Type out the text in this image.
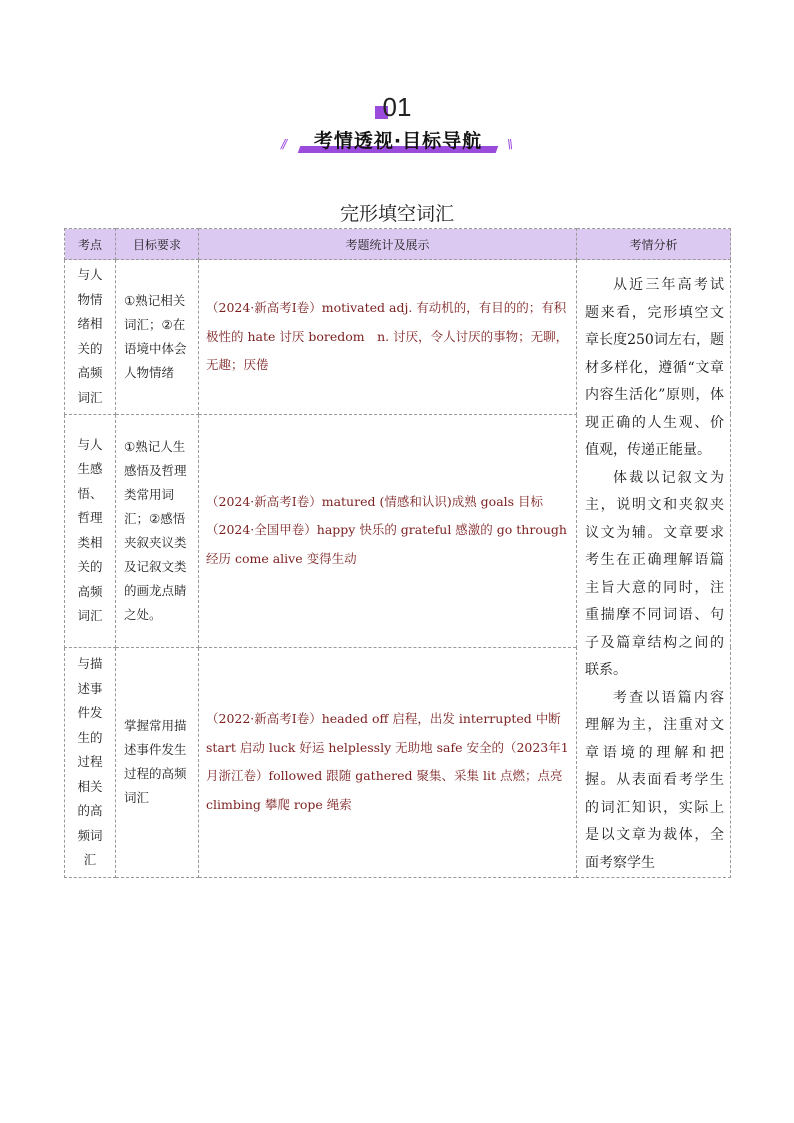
01
//	考情透视·目标导航	\\
完形填空词汇
考点	目标要求	考题统计及展示	考情分析
与人物情绪相关的高频词汇	①熟记相关词汇；②在语境中体会人物情绪	（2024·新高考Ⅰ卷）motivated adj. 有动机的，有目的的；有积极性的 hate 讨厌 boredom　n. 讨厌，令人讨厌的事物；无聊，无趣；厌倦	从近三年高考试题来看，完形填空文章长度250词左右，题材多样化，遵循“文章内容生活化”原则，体现正确的人生观、价值观，传递正能量。

体裁以记叙文为主，说明文和夹叙夹议文为辅。文章要求考生在正确理解语篇主旨大意的同时，注重揣摩不同词语、句子及篇章结构之间的联系。

考查以语篇内容理解为主，注重对文章语境的理解和把握。从表面看考学生的词汇知识，实际上是以文章为裁体，全面考察学生

与人生感悟、哲理类相关的高频词汇	①熟记人生感悟及哲理类常用词汇；②感悟夹叙夹议类及记叙文类的画龙点睛之处。	（2024·新高考Ⅰ卷）matured (情感和认识)成熟 goals 目标（2024·全国甲卷）happy 快乐的 grateful 感激的 go through 经历 come alive 变得生动	
与描述事件发生的过程相关的高频词汇	掌握常用描述事件发生过程的高频词汇	（2022·新高考Ⅰ卷）headed off 启程，出发 interrupted 中断 start 启动 luck 好运 helplessly 无助地 safe 安全的（2023年1月浙江卷）followed 跟随 gathered 聚集、采集 lit 点燃；点亮 climbing 攀爬 rope 绳索	
